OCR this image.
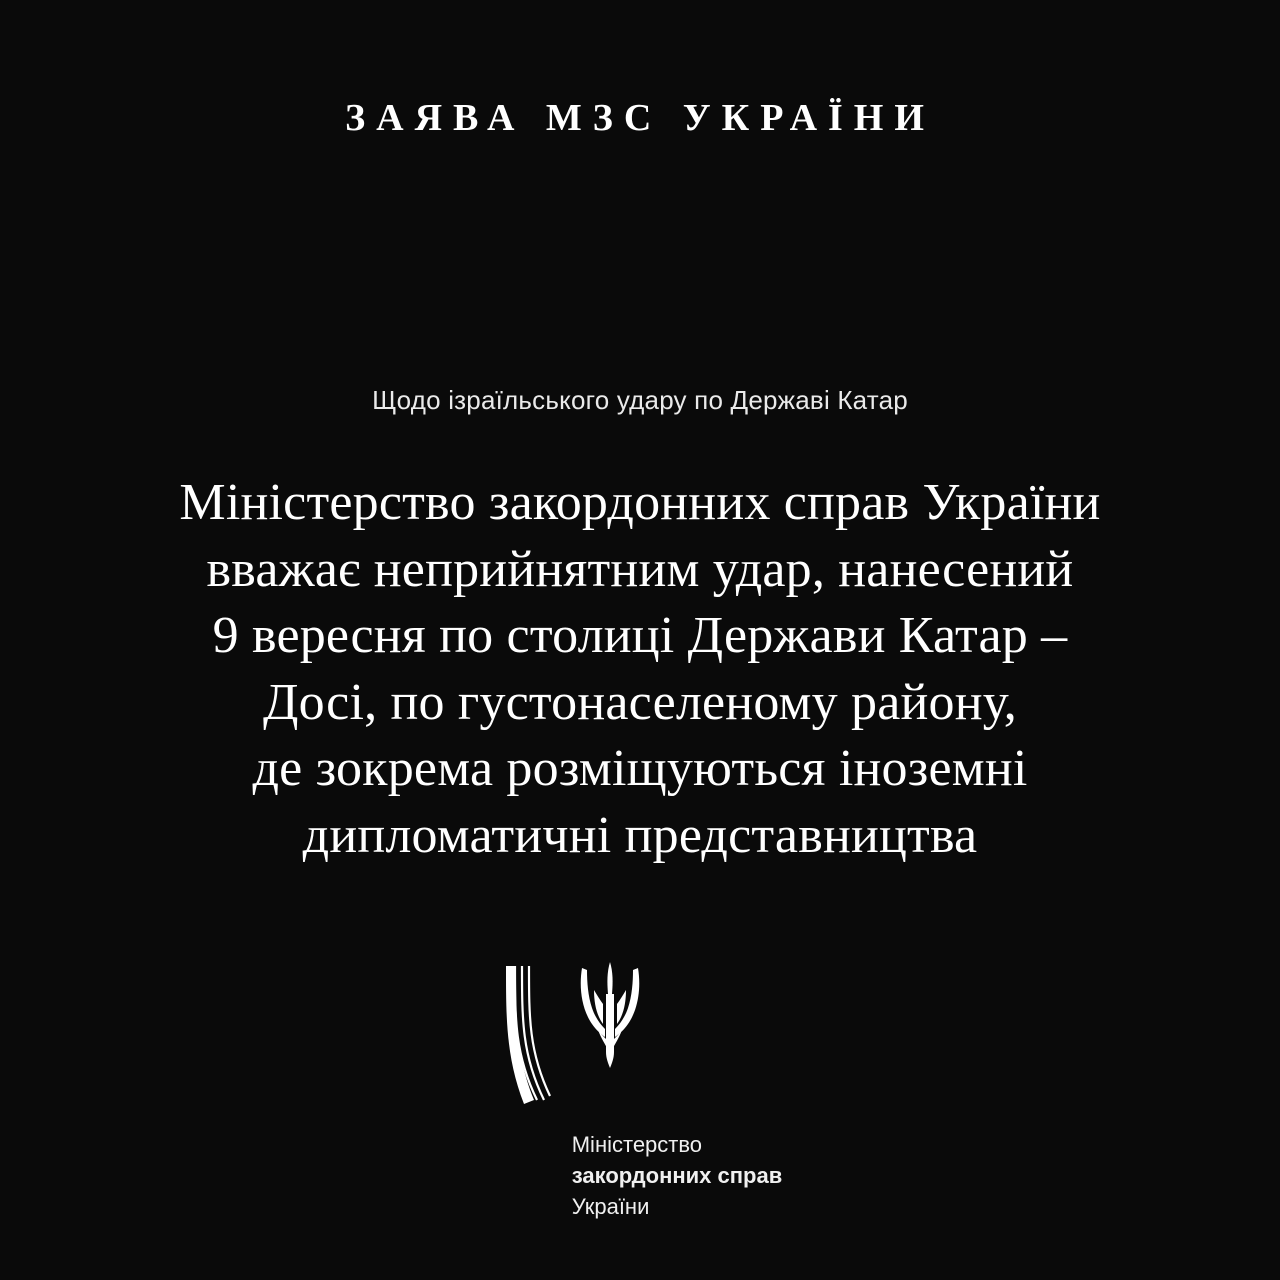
ЗАЯВА МЗС УКРАЇНИ
Щодо ізраїльського удару по Державі Катар
Міністерство закордонних справ України
вважає неприйнятним удар, нанесений
9 вересня по столиці Держави Катар –
Досі, по густонаселеному району,
де зокрема розміщуються іноземні
дипломатичні представництва
Міністерство
закордонних справ
України
